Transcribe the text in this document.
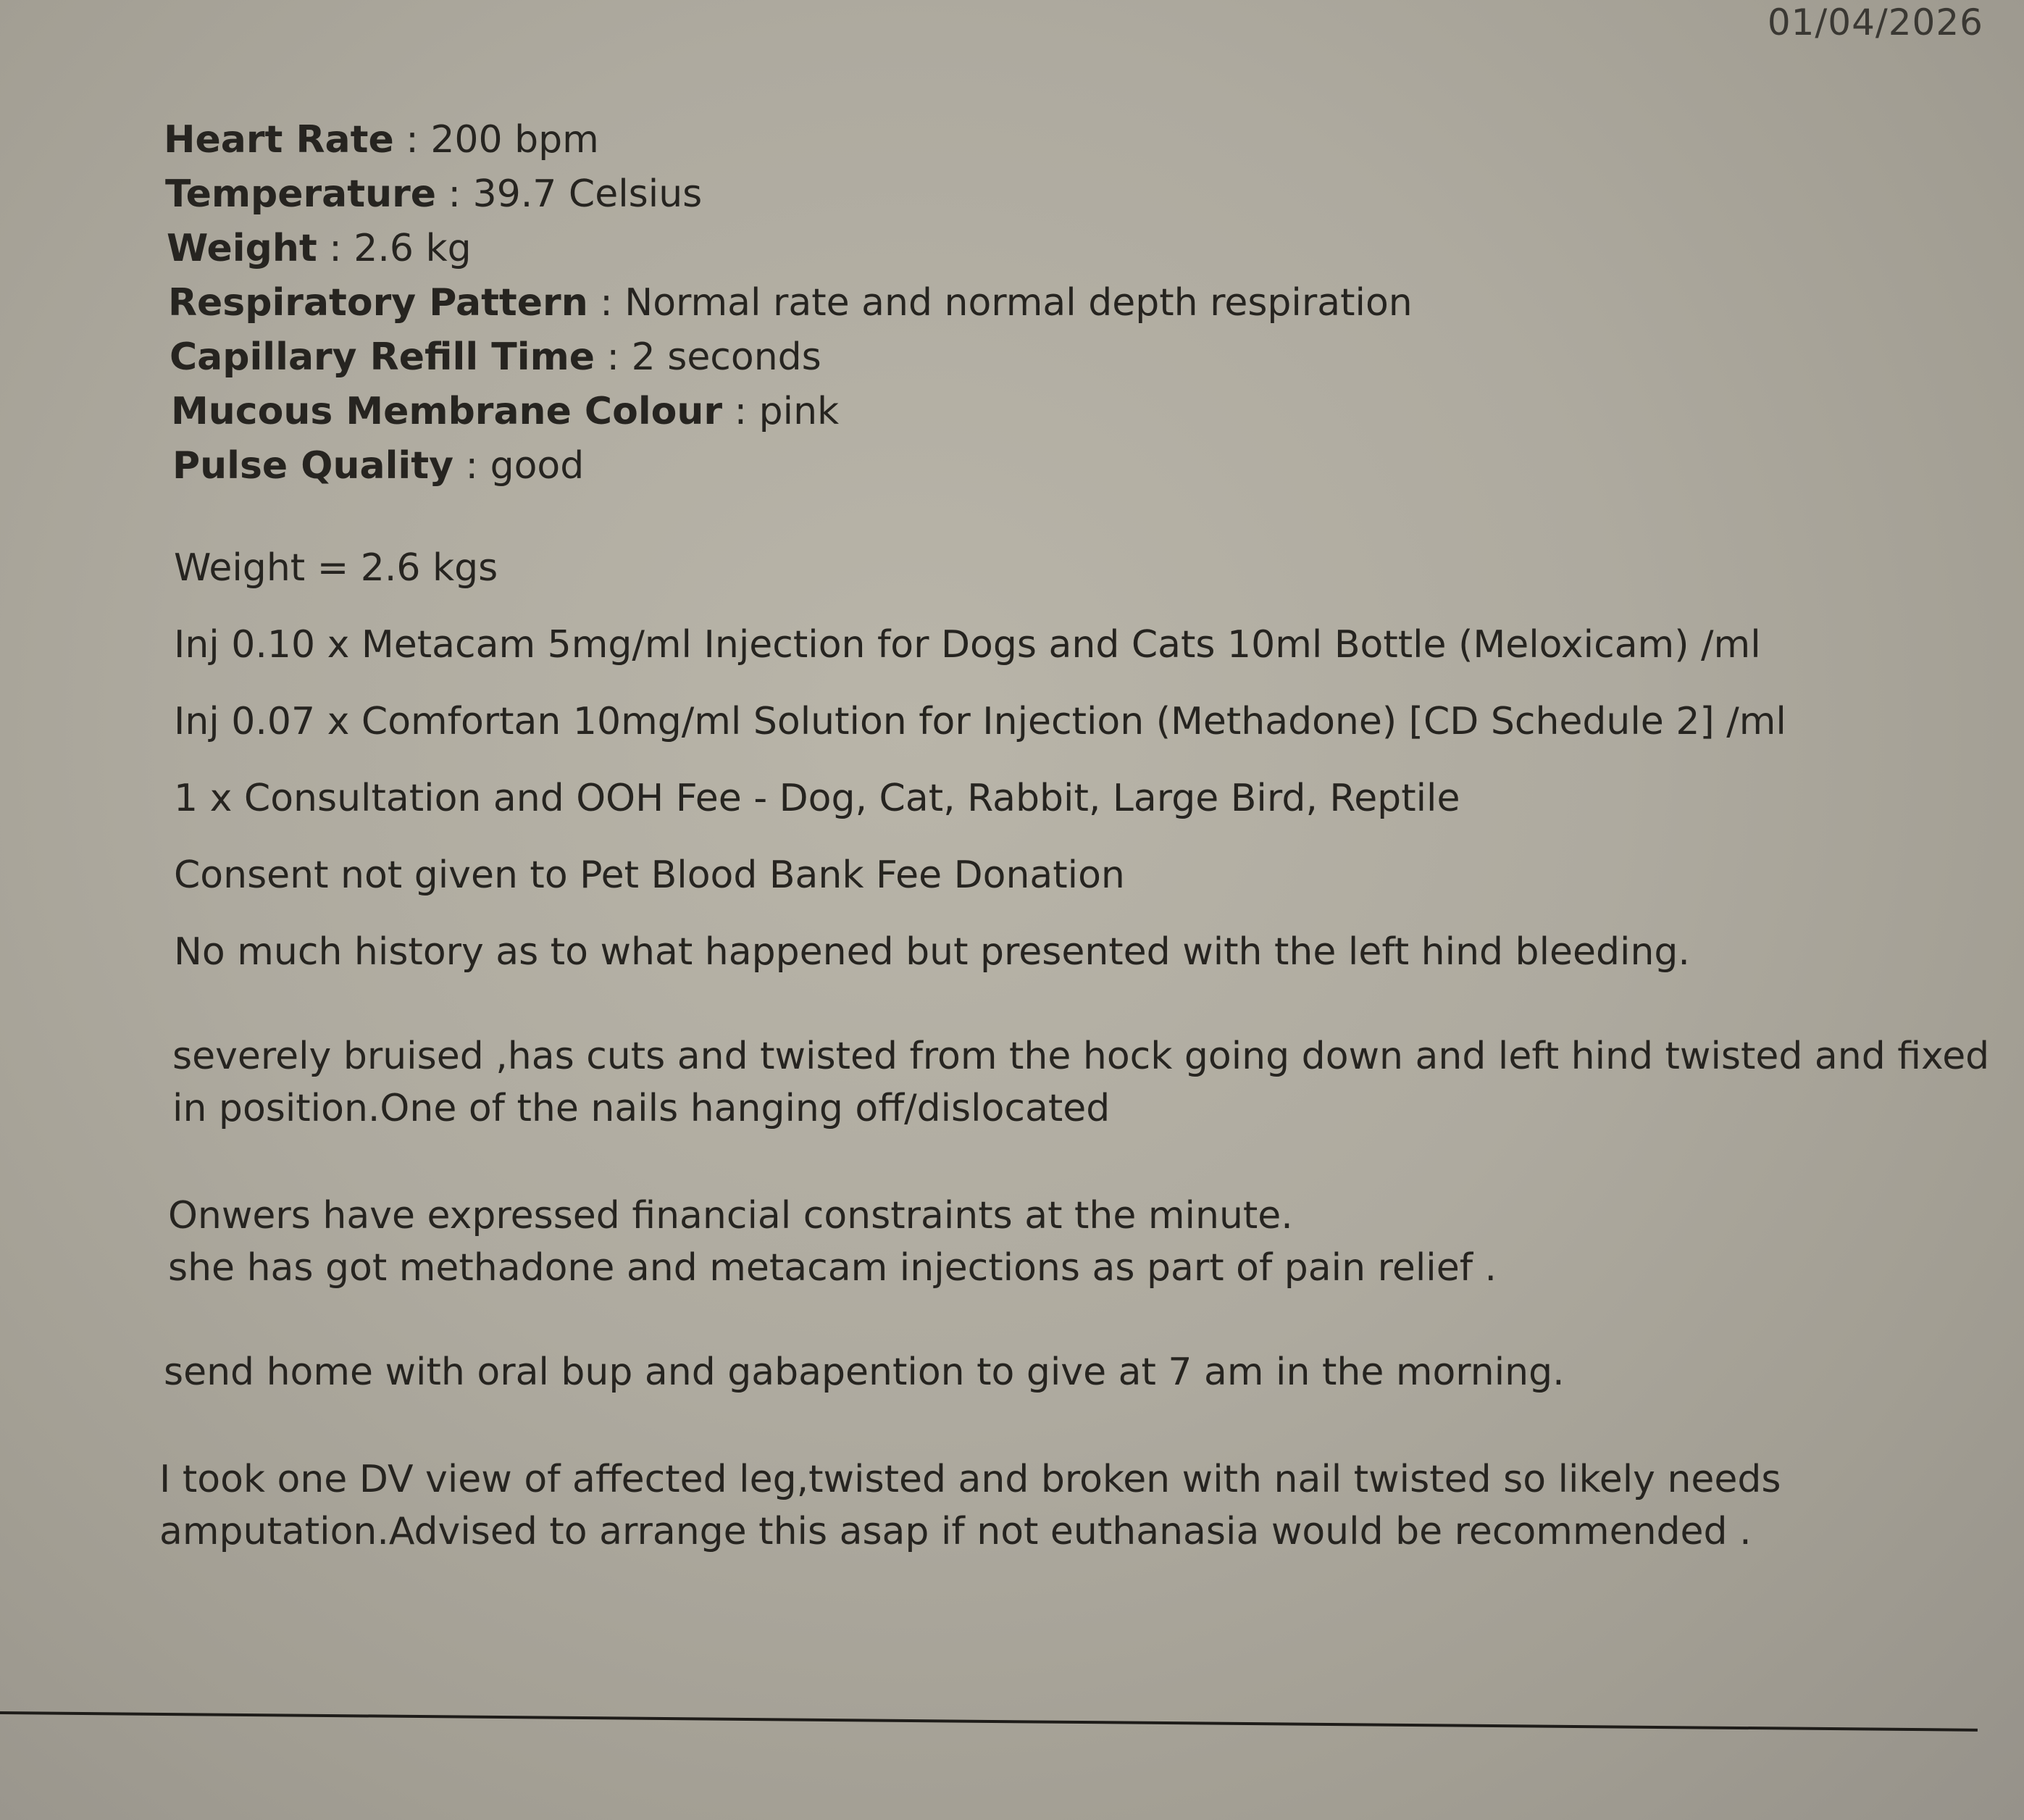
01/04/2026
Heart Rate : 200 bpm
Temperature : 39.7 Celsius
Weight : 2.6 kg
Respiratory Pattern : Normal rate and normal depth respiration
Capillary Refill Time : 2 seconds
Mucous Membrane Colour : pink
Pulse Quality : good
Weight = 2.6 kgs
Inj 0.10 x Metacam 5mg/ml Injection for Dogs and Cats 10ml Bottle (Meloxicam) /ml
Inj 0.07 x Comfortan 10mg/ml Solution for Injection (Methadone) [CD Schedule 2] /ml
1 x Consultation and OOH Fee - Dog, Cat, Rabbit, Large Bird, Reptile
Consent not given to Pet Blood Bank Fee Donation
No much history as to what happened but presented with the left hind bleeding.
severely bruised ,has cuts and twisted from the hock going down and left hind twisted and fixed
in position.One of the nails hanging off/dislocated
Onwers have expressed financial constraints at the minute.
she has got methadone and metacam injections as part of pain relief .
send home with oral bup and gabapention to give at 7 am in the morning.
I took one DV view of affected leg,twisted and broken with nail twisted so likely needs
amputation.Advised to arrange this asap if not euthanasia would be recommended .
